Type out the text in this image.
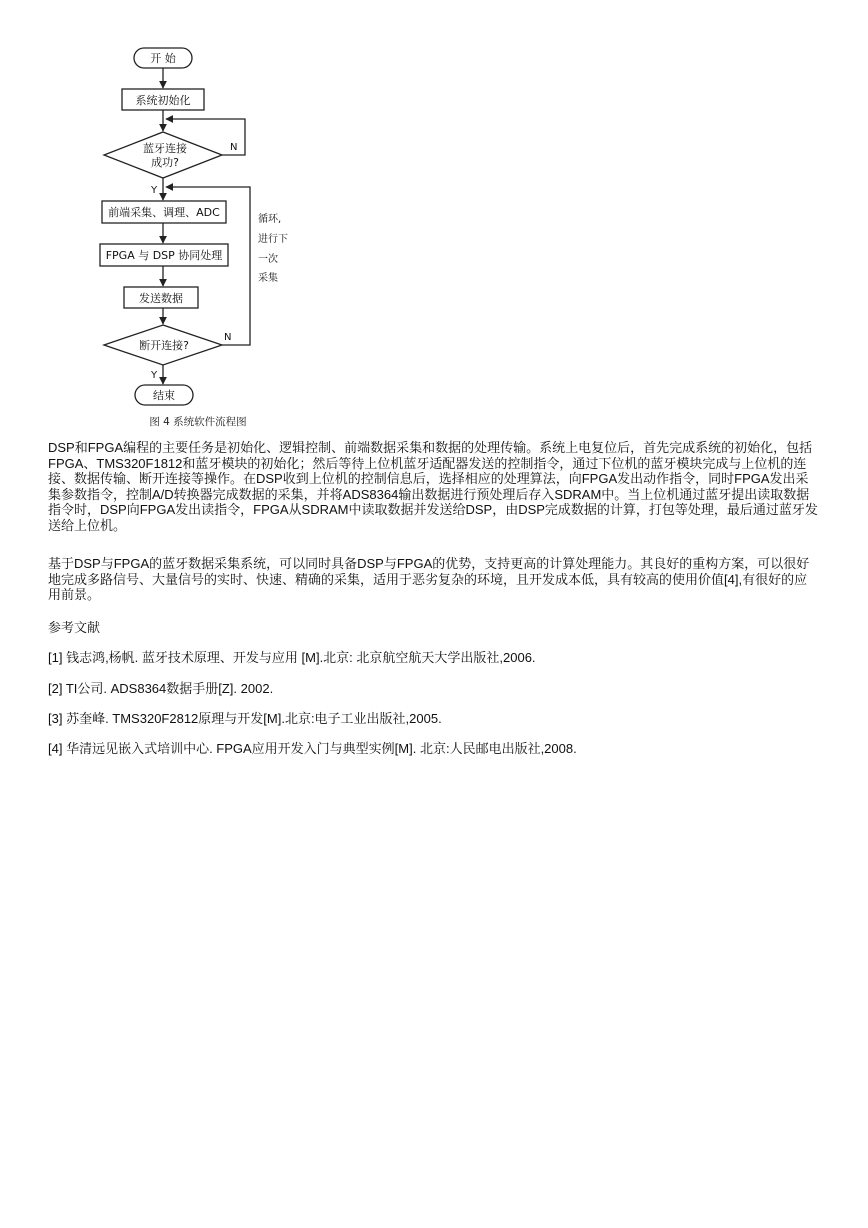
开 始
系统初始化
蓝牙连接
成功?
N
Y
前端采集、调理、ADC
FPGA 与 DSP 协同处理
发送数据
断开连接?
N
循环,
进行下
一次
采集
Y
结束
图 4 系统软件流程图

DSP和FPGA编程的主要任务是初始化、逻辑控制、前端数据采集和数据的处理传输。系统上电复位后，首先完成系统的初始化，包括FPGA、TMS320F1812和蓝牙模块的初始化；然后等待上位机蓝牙适配器发送的控制指令，通过下位机的蓝牙模块完成与上位机的连接、数据传输、断开连接等操作。在DSP收到上位机的控制信息后，选择相应的处理算法，向FPGA发出动作指令，同时FPGA发出采集参数指令，控制A/D转换器完成数据的采集，并将ADS8364输出数据进行预处理后存入SDRAM中。当上位机通过蓝牙提出读取数据指令时，DSP向FPGA发出读指令，FPGA从SDRAM中读取数据并发送给DSP，由DSP完成数据的计算，打包等处理，最后通过蓝牙发送给上位机。

基于DSP与FPGA的蓝牙数据采集系统，可以同时具备DSP与FPGA的优势，支持更高的计算处理能力。其良好的重构方案，可以很好地完成多路信号、大量信号的实时、快速、精确的采集，适用于恶劣复杂的环境，且开发成本低，具有较高的使用价值[4],有很好的应用前景。

参考文献

[1] 钱志鸿,杨帆. 蓝牙技术原理、开发与应用 [M].北京: 北京航空航天大学出版社,2006.

[2] TI公司. ADS8364数据手册[Z]. 2002.

[3] 苏奎峰. TMS320F2812原理与开发[M].北京:电子工业出版社,2005.

[4] 华清远见嵌入式培训中心. FPGA应用开发入门与典型实例[M]. 北京:人民邮电出版社,2008.
